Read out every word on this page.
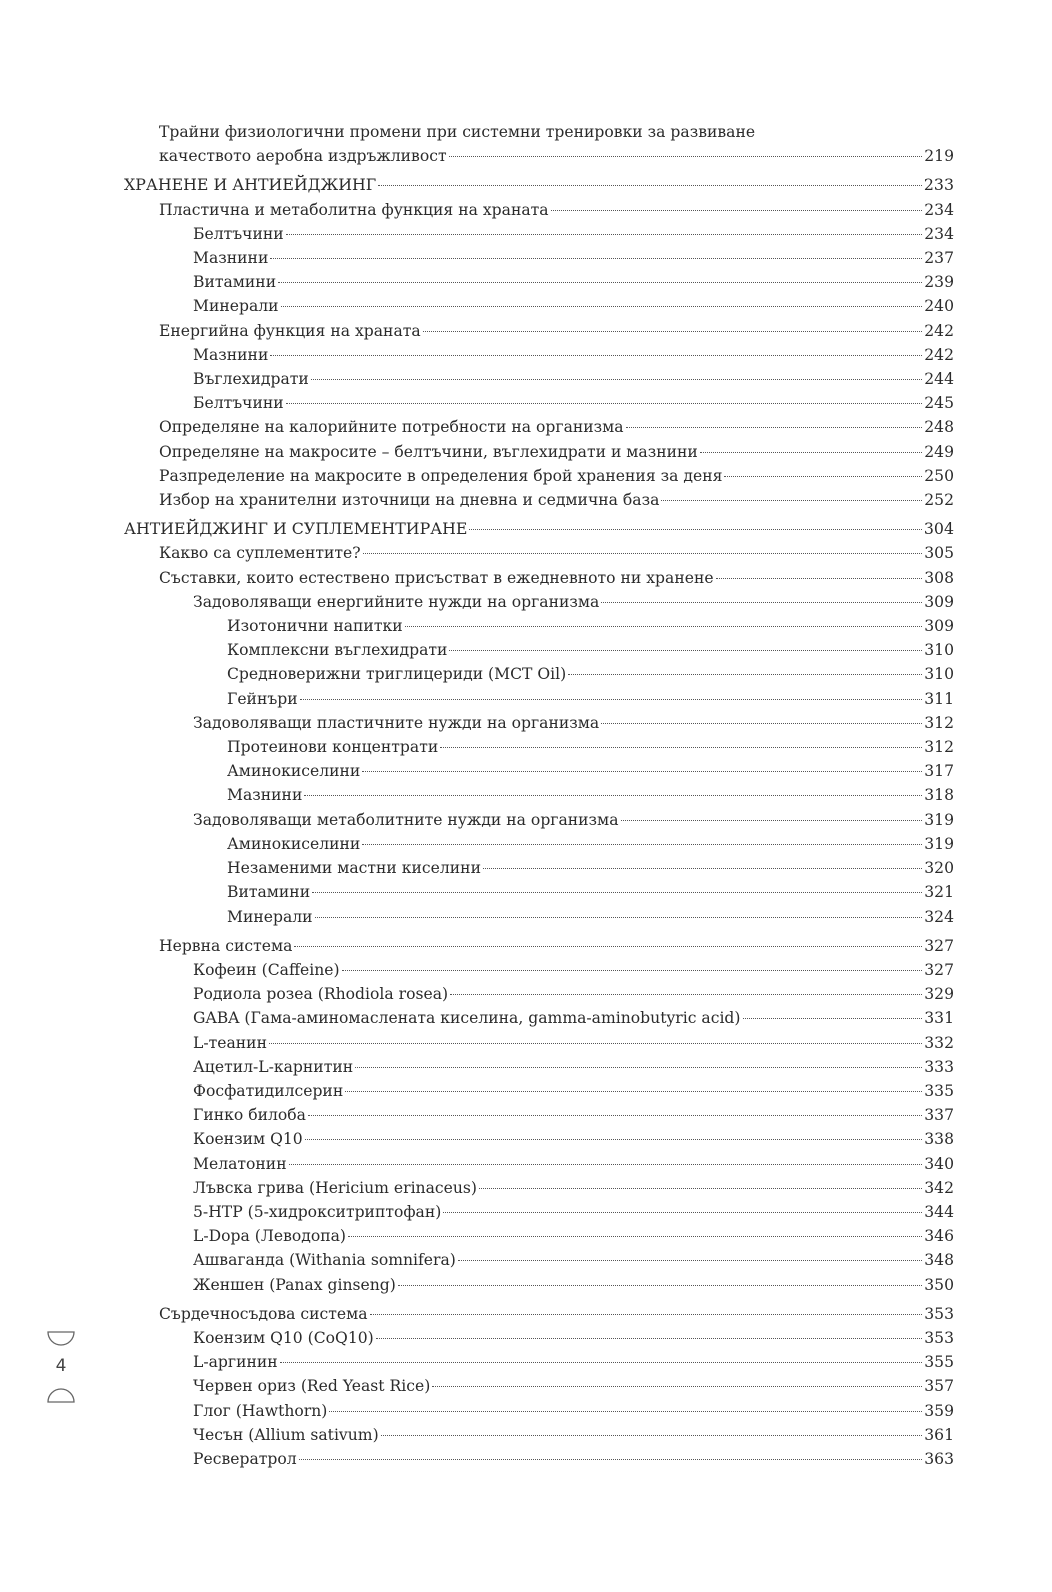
Трайни физиологични промени при системни тренировки за развиване
качеството аеробна издръжливост	219
ХРАНЕНЕ И АНТИЕЙДЖИНГ	233
Пластична и метаболитна функция на храната	234
Белтъчини	234
Мазнини	237
Витамини	239
Минерали	240
Енергийна функция на храната	242
Мазнини	242
Въглехидрати	244
Белтъчини	245
Определяне на калорийните потребности на организма	248
Определяне на макросите – белтъчини, въглехидрати и мазнини	249
Разпределение на макросите в определения брой хранения за деня	250
Избор на хранителни източници на дневна и седмична база	252
АНТИЕЙДЖИНГ И СУПЛЕМЕНТИРАНЕ	304
Какво са суплементите?	305
Съставки, които естествено присъстват в ежедневното ни хранене	308
Задоволяващи енергийните нужди на организма	309
Изотонични напитки	309
Комплексни въглехидрати	310
Средноверижни триглицериди (MCT Oil)	310
Гейнъри	311
Задоволяващи пластичните нужди на организма	312
Протеинови концентрати	312
Аминокиселини	317
Мазнини	318
Задоволяващи метаболитните нужди на организма	319
Аминокиселини	319
Незаменими мастни киселини	320
Витамини	321
Минерали	324
Нервна система	327
Кофеин (Caffeine)	327
Родиола розеа (Rhodiola rosea)	329
GABA (Гама-аминомаслената киселина, gamma-aminobutyric acid)	331
L-теанин	332
Ацетил-L-карнитин	333
Фосфатидилсерин	335
Гинко билоба	337
Коензим Q10	338
Мелатонин	340
Лъвска грива (Hericium erinaceus)	342
5-HTP (5-хидрокситриптофан)	344
L-Dopa (Леводопа)	346
Ашваганда (Withania somnifera)	348
Женшен (Panax ginseng)	350
Сърдечносъдова система	353
Коензим Q10 (CoQ10)	353
L-аргинин	355
Червен ориз (Red Yeast Rice)	357
Глог (Hawthorn)	359
Чесън (Allium sativum)	361
Ресвератрол	363
4
